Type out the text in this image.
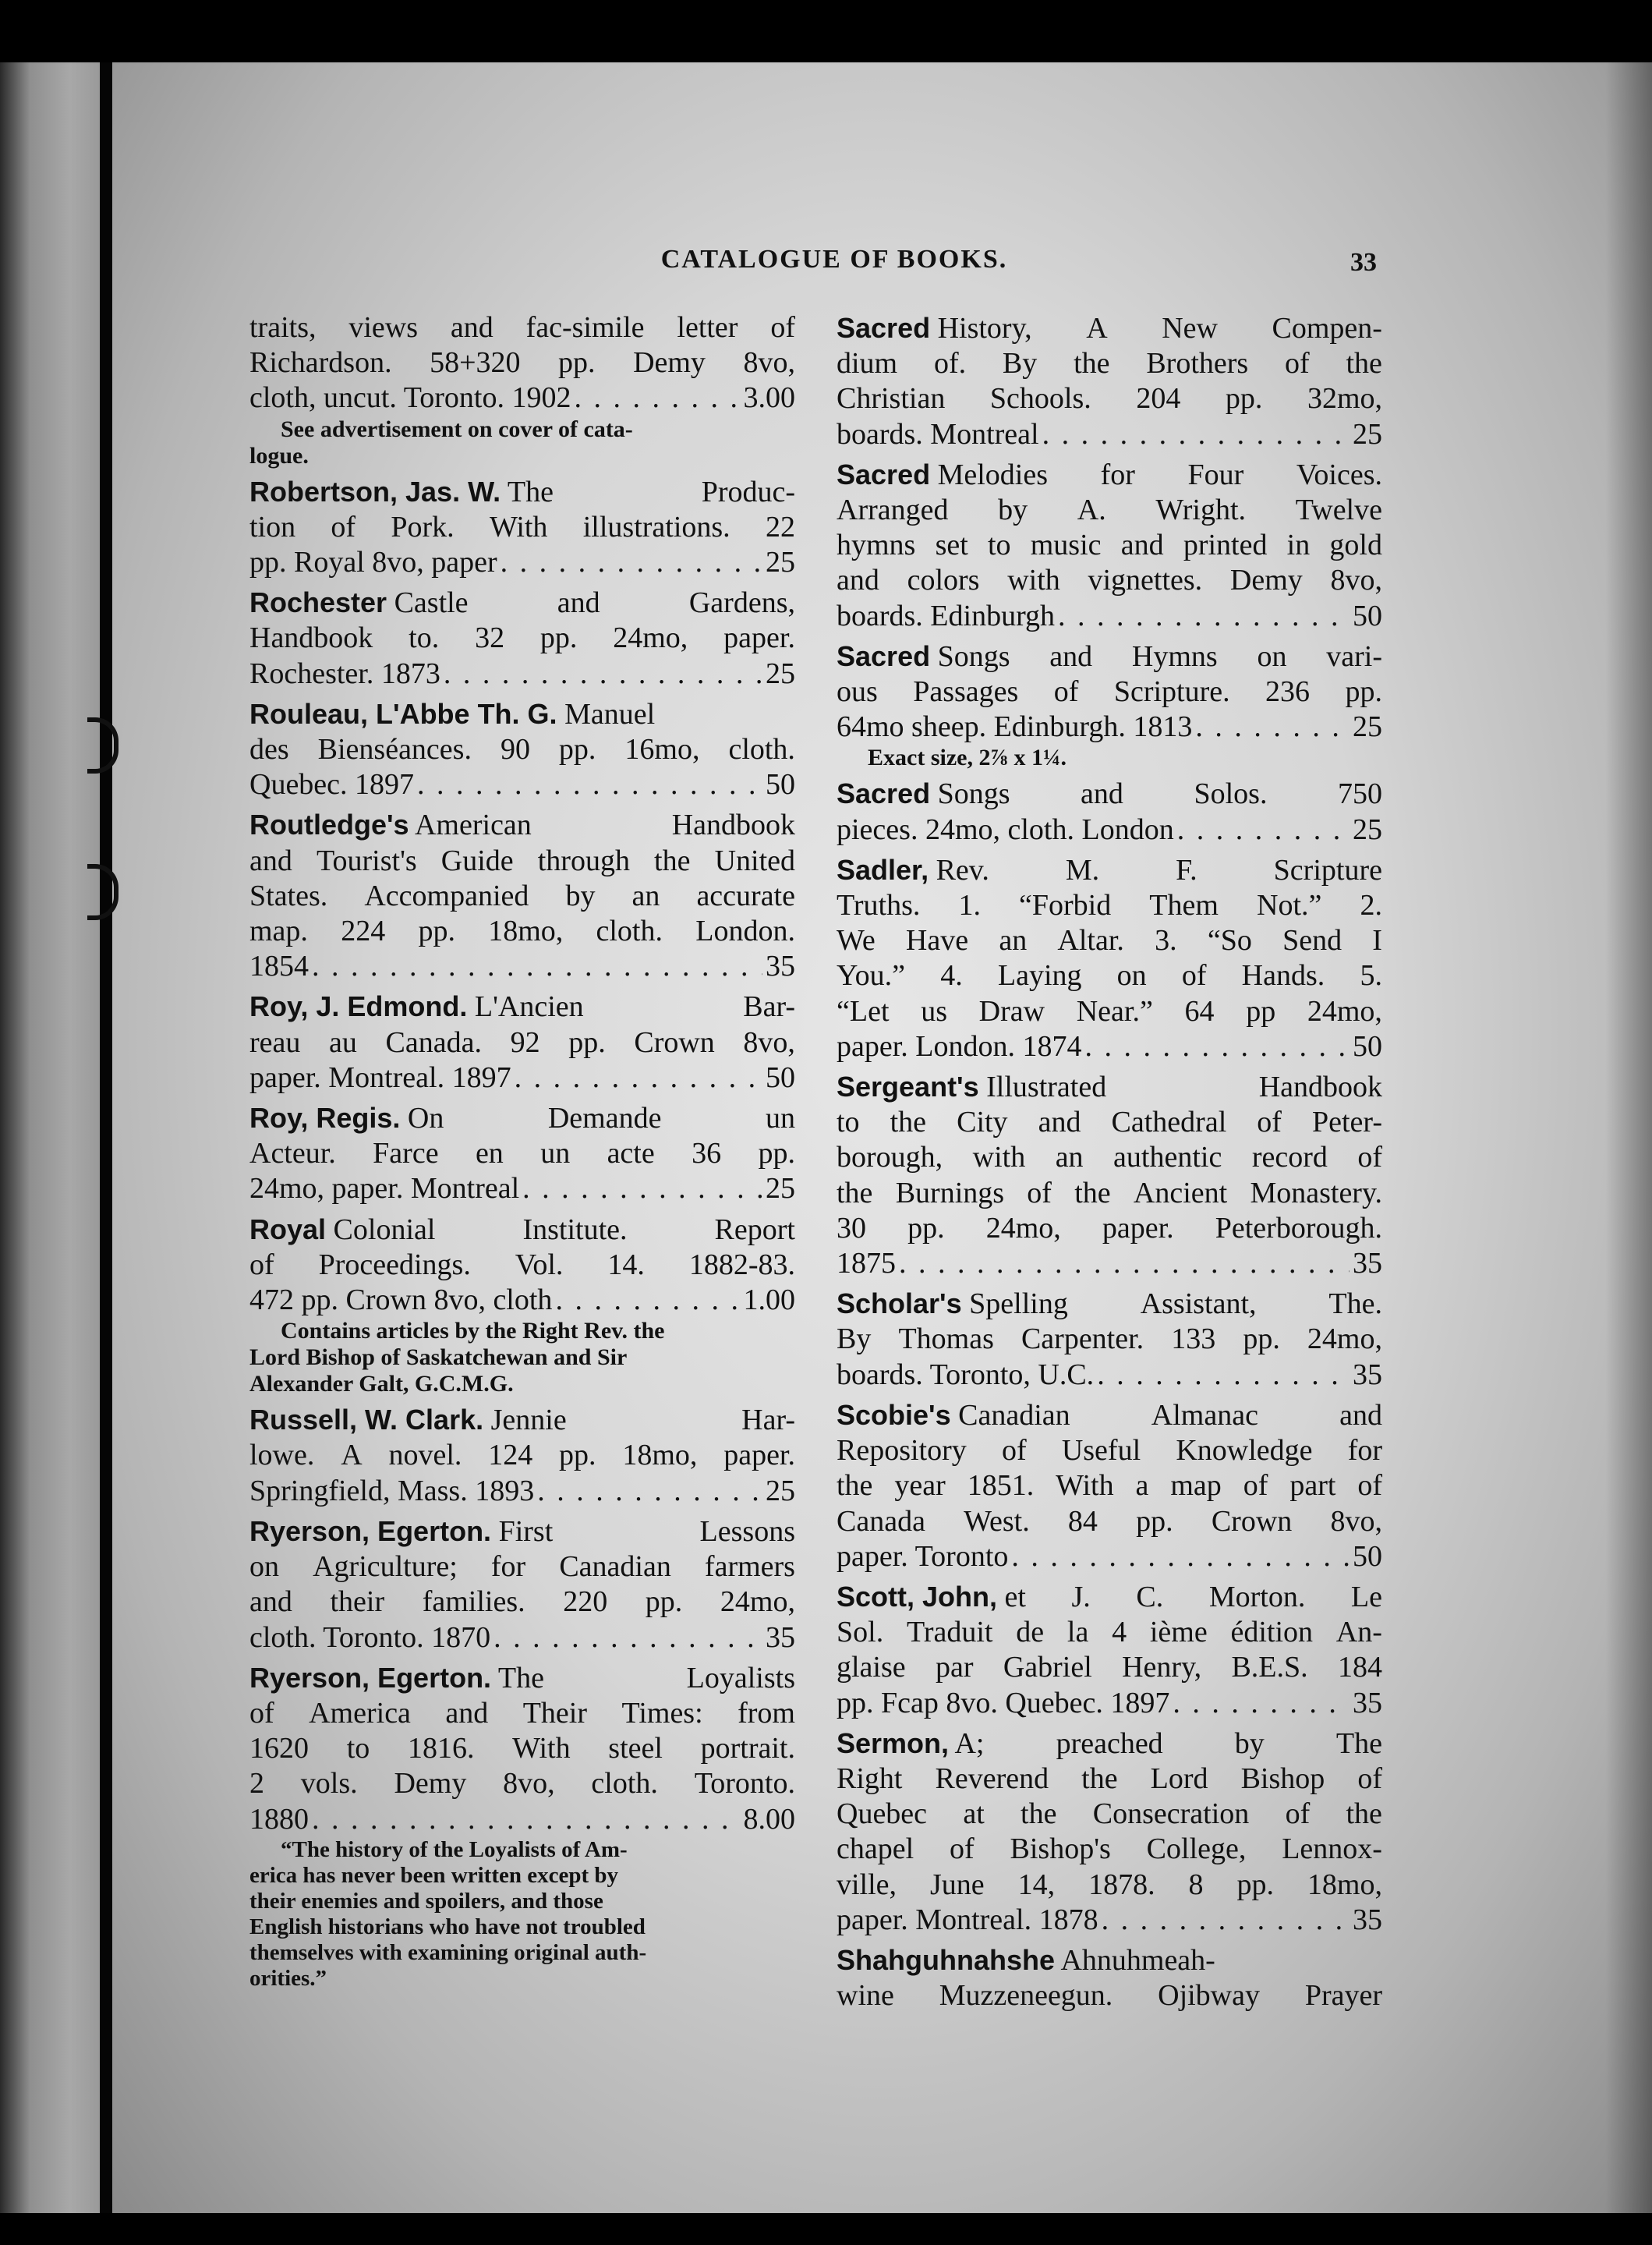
CATALOGUE OF BOOKS.	33
traits, views and fac-simile letter of
Richardson. 58+320 pp. Demy 8vo,
cloth, uncut. Toronto. 1902 . . .	3.00
See advertisement on cover of cata-
logue.
Robertson, Jas. W. The	Produc-
tion of Pork. With illustrations. 22
pp. Royal 8vo, paper . . .	25
Rochester Castle	and	Gardens,
Handbook to. 32 pp. 24mo, paper.
Rochester. 1873 . . .	25
Rouleau, L'Abbe Th. G. Manuel
des Bienséances. 90 pp. 16mo, cloth.
Quebec. 1897 . . .	50
Routledge's American	Handbook
and Tourist's Guide through the United
States. Accompanied by an accurate
map. 224 pp. 18mo, cloth. London.
1854 . . .	35
Roy, J. Edmond. L'Ancien	Bar-
reau au Canada. 92 pp. Crown 8vo,
paper. Montreal. 1897 . . .	50
Roy, Regis. On	Demande	un
Acteur. Farce en un acte 36 pp.
24mo, paper. Montreal . . .	25
Royal Colonial	Institute.	Report
of Proceedings. Vol. 14. 1882-83.
472 pp. Crown 8vo, cloth . . .	1.00
Contains articles by the Right Rev. the
Lord Bishop of Saskatchewan and Sir
Alexander Galt, G.C.M.G.
Russell, W. Clark. Jennie	Har-
lowe. A novel. 124 pp. 18mo, paper.
Springfield, Mass. 1893 . . .	25
Ryerson, Egerton. First	Lessons
on Agriculture; for Canadian farmers
and their families. 220 pp. 24mo,
cloth. Toronto. 1870 . . .	35
Ryerson, Egerton. The	Loyalists
of America and Their Times: from
1620 to 1816. With steel portrait.
2 vols. Demy 8vo, cloth. Toronto.
1880 . . .	8.00
“The history of the Loyalists of Am-
erica has never been written except by
their enemies and spoilers, and those
English historians who have not troubled
themselves with examining original auth-
orities.”
Sacred History, A New Compen-
dium of. By the Brothers of the
Christian Schools. 204 pp. 32mo,
boards. Montreal . . .	25
Sacred Melodies for Four Voices.
Arranged by A. Wright. Twelve
hymns set to music and printed in gold
and colors with vignettes. Demy 8vo,
boards. Edinburgh . . .	50
Sacred Songs and Hymns on vari-
ous Passages of Scripture. 236 pp.
64mo sheep. Edinburgh. 1813 . . .	25
Exact size, 2⅞ x 1¼.
Sacred Songs and Solos. 750
pieces. 24mo, cloth. London . . .	25
Sadler, Rev.	M.	F.	Scripture
Truths. 1. “Forbid Them Not.” 2.
We Have an Altar. 3. “So Send I
You.” 4. Laying on of Hands. 5.
“Let us Draw Near.” 64 pp 24mo,
paper. London. 1874 . . .	50
Sergeant's Illustrated	Handbook
to the City and Cathedral of Peter-
borough, with an authentic record of
the Burnings of the Ancient Monastery.
30 pp. 24mo, paper. Peterborough.
1875 . . .	35
Scholar's Spelling Assistant, The.
By Thomas Carpenter. 133 pp. 24mo,
boards. Toronto, U.C. . . .	35
Scobie's Canadian	Almanac	and
Repository of Useful Knowledge for
the year 1851. With a map of part of
Canada West. 84 pp. Crown 8vo,
paper. Toronto . . .	50
Scott, John, et J. C. Morton. Le
Sol. Traduit de la 4 ième édition An-
glaise par Gabriel Henry, B.E.S. 184
pp. Fcap 8vo. Quebec. 1897 . . .	35
Sermon, A; preached by The
Right Reverend the Lord Bishop of
Quebec at the Consecration of the
chapel of Bishop's College, Lennox-
ville, June 14, 1878. 8 pp. 18mo,
paper. Montreal. 1878 . . .	35
Shahguhnahshe Ahnuhmeah-
wine Muzzeneegun. Ojibway Prayer
